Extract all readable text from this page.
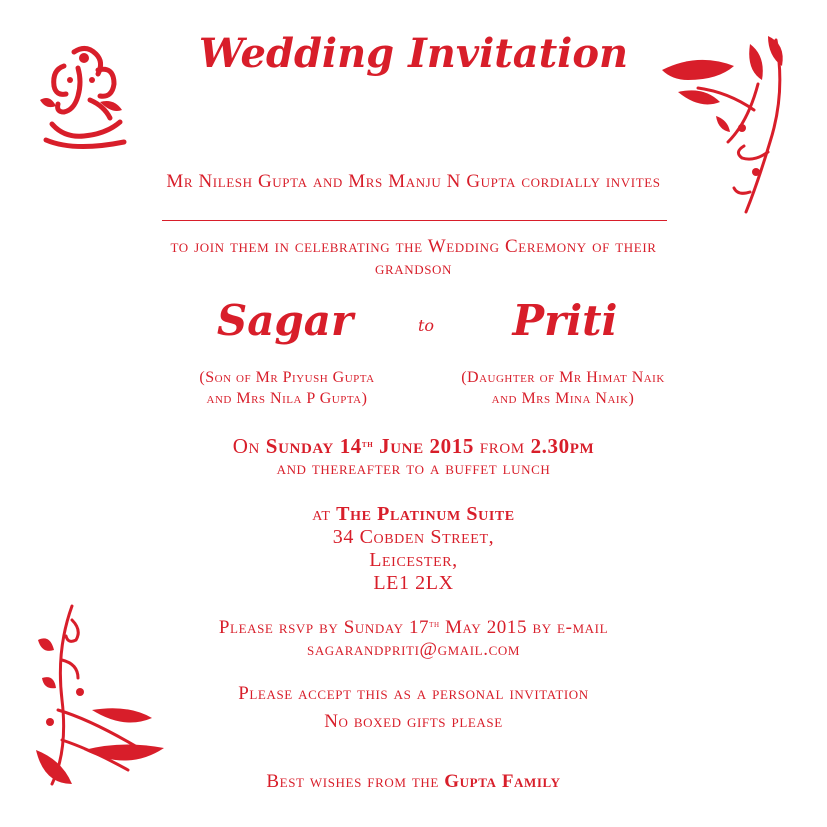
Wedding Invitation
Mr Nilesh Gupta and Mrs Manju N Gupta cordially invites
to join them in celebrating the Wedding Ceremony of their
grandson
Sagar	to	Priti
(Son of Mr Piyush Gupta
and Mrs Nila P Gupta)
(Daughter of Mr Himat Naik
and Mrs Mina Naik)
On Sunday 14th June 2015 from 2.30pm
and thereafter to a buffet lunch
at The Platinum Suite
34 Cobden Street,
Leicester,
LE1 2LX
Please rsvp by Sunday 17th May 2015 by e-mail
sagarandpriti@gmail.com
Please accept this as a personal invitation
No boxed gifts please
Best wishes from the Gupta Family
